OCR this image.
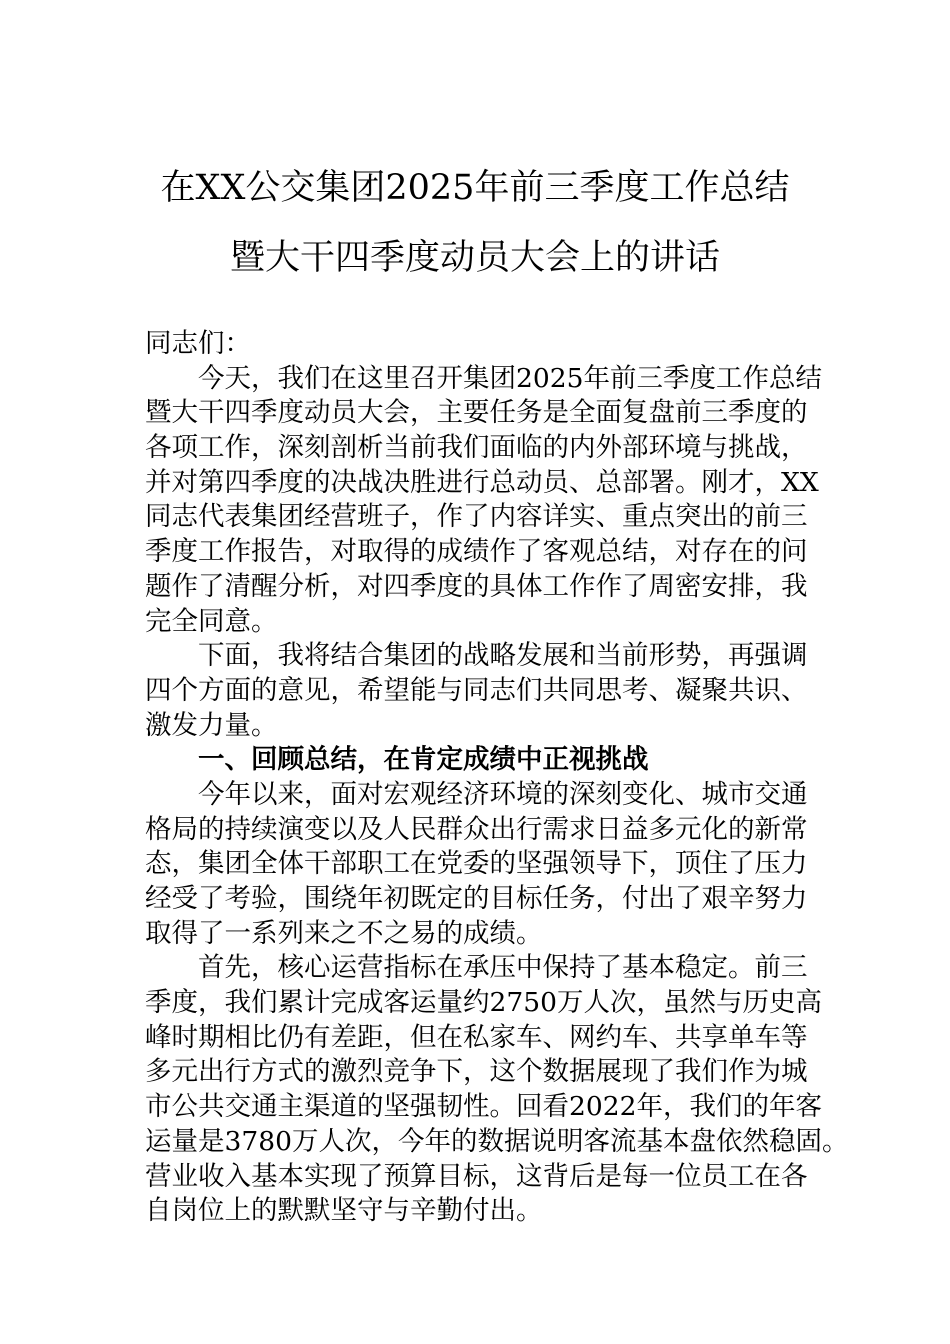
在XX公交集团2025年前三季度工作总结
暨大干四季度动员大会上的讲话
同志们：
今天，我们在这里召开集团2025年前三季度工作总结
暨大干四季度动员大会，主要任务是全面复盘前三季度的
各项工作，深刻剖析当前我们面临的内外部环境与挑战，
并对第四季度的决战决胜进行总动员、总部署。刚才，XX
同志代表集团经营班子，作了内容详实、重点突出的前三
季度工作报告，对取得的成绩作了客观总结，对存在的问
题作了清醒分析，对四季度的具体工作作了周密安排，我
完全同意。
下面，我将结合集团的战略发展和当前形势，再强调
四个方面的意见，希望能与同志们共同思考、凝聚共识、
激发力量。
一、回顾总结，在肯定成绩中正视挑战
今年以来，面对宏观经济环境的深刻变化、城市交通
格局的持续演变以及人民群众出行需求日益多元化的新常
态，集团全体干部职工在党委的坚强领导下，顶住了压力
经受了考验，围绕年初既定的目标任务，付出了艰辛努力
取得了一系列来之不之易的成绩。
首先，核心运营指标在承压中保持了基本稳定。前三
季度，我们累计完成客运量约2750万人次，虽然与历史高
峰时期相比仍有差距，但在私家车、网约车、共享单车等
多元出行方式的激烈竞争下，这个数据展现了我们作为城
市公共交通主渠道的坚强韧性。回看2022年，我们的年客
运量是3780万人次，今年的数据说明客流基本盘依然稳固。
营业收入基本实现了预算目标，这背后是每一位员工在各
自岗位上的默默坚守与辛勤付出。
